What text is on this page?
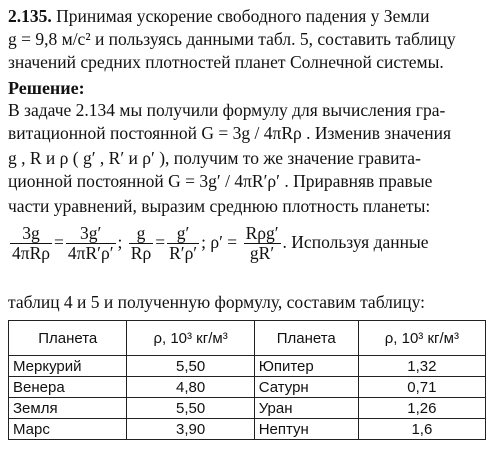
2.135. Принимая ускорение свободного падения у Земли
g = 9,8 м/c² и пользуясь данными табл. 5, составить таблицу
значений средних плотностей планет Солнечной системы.
Решение:
В задаче 2.134 мы получили формулу для вычисления гра-
витационной постоянной G = 3g / 4πRρ . Изменив значения
g , R и ρ ( g′ , R′ и ρ′ ), получим то же значение гравита-
ционной постоянной G = 3g′ / 4πR′ρ′ . Приравняв правые
части уравнений, выразим среднюю плотность планеты:
$\frac{3g}{\text{4πRρ}} = \frac{3g'}{4\pi R'\rho'}$ ; $\frac{g}{R\rho} = \frac{g'}{R'\rho'}$ ; $\rho' = \frac{\text{Rρg′}}{gR'}$ . Используя данные
таблиц 4 и 5 и полученную формулу, составим таблицу:
Планета	ρ, 10³ кг/м³	Планета	ρ, 10³ кг/м³
Меркурий	5,50	Юпитер	1,32
Венера	4,80	Сатурн	0,71
Земля	5,50	Уран	1,26
Марс	3,90	Нептун	1,6
